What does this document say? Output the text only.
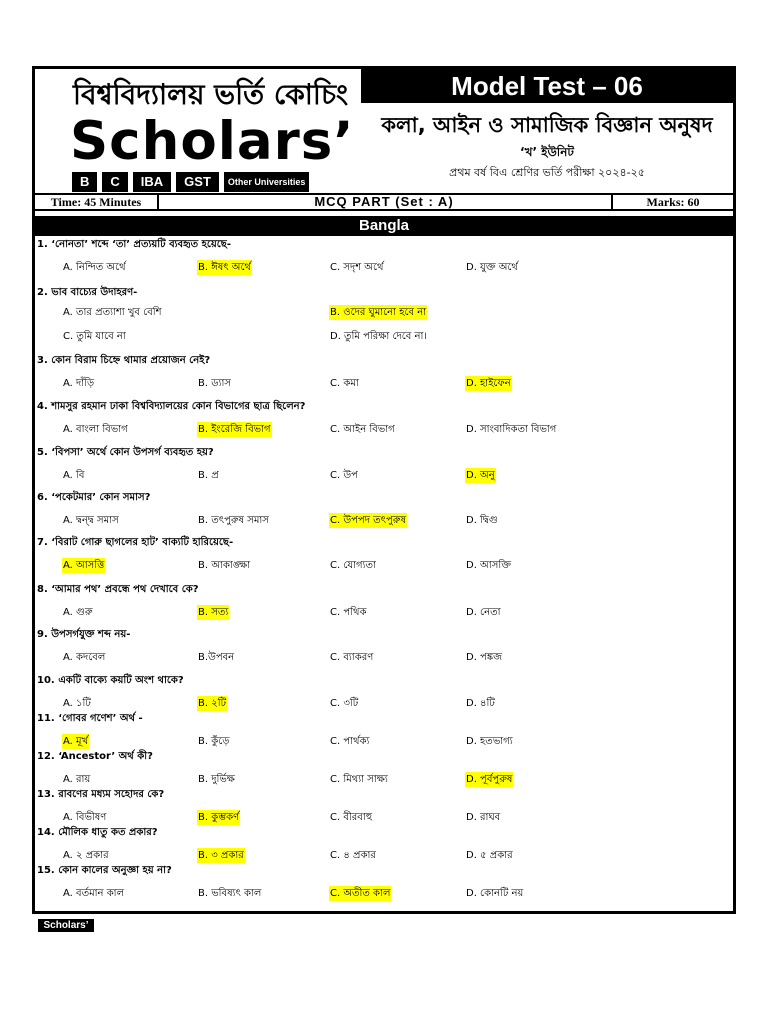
বিশ্ববিদ্যালয় ভর্তি কোচিং
Scholars’
B	C	IBA	GST	Other Universities
Model Test – 06
কলা, আইন ও সামাজিক বিজ্ঞান অনুষদ
‘খ’ ইউনিট
প্রথম বর্ষ বিএ শ্রেণির ভর্তি পরীক্ষা ২০২৪-২৫
Time: 45 Minutes	MCQ PART (Set : A)	Marks: 60
Bangla
1. ‘নোনতা’ শব্দে ‘তা’ প্রত্যয়টি ব্যবহৃত হয়েছে-
A. নিন্দিত অর্থে	B. ঈষৎ অর্থে	C. সদৃশ অর্থে	D. যুক্ত অর্থে
2. ভাব বাচ্যের উদাহরণ-
A. তার প্রত্যাশা খুব বেশি	B. ওদের ঘুমানো হবে না
C. তুমি যাবে না	D. তুমি পরিক্ষা দেবে না।
3. কোন বিরাম চিহ্নে থামার প্রয়োজন নেই?
A. দাঁড়ি	B. ড্যাস	C. কমা	D. হাইফেন
4. শামসুর রহমান ঢাকা বিশ্ববিদ্যালয়ের কোন বিভাগের ছাত্র ছিলেন?
A. বাংলা বিভাগ	B. ইংরেজি বিভাগ	C. আইন বিভাগ	D. সাংবাদিকতা বিভাগ
5. ‘বিপসা’ অর্থে কোন উপসর্গ ব্যবহৃত হয়?
A. বি	B. প্র	C. উপ	D. অনু
6. ‘পকেটমার’ কোন সমাস?
A. দ্বন্দ্ব সমাস	B. তৎপুরুষ সমাস	C. উপপদ তৎপুরুষ	D. দ্বিগু
7. ‘বিরাট গোরু ছাগলের হাট’ বাক্যটি হারিয়েছে-
A. আসত্তি	B. আকাঙ্ক্ষা	C. যোগ্যতা	D. আসক্তি
8. ‘আমার পথ’ প্রবন্ধে পথ দেখাবে কে?
A. গুরু	B. সত্য	C. পথিক	D. নেতা
9. উপসর্গযুক্ত শব্দ নয়-
A. কদবেল	B.উপবন	C. ব্যাকরণ	D. পঙ্কজ
10. একটি বাক্যে কয়টি অংশ থাকে?
A. ১টি	B. ২টি	C. ৩টি	D. ৪টি
11. ‘গোবর গণেশ’ অর্থ -
A. মূর্খ	B. কুঁড়ে	C. পার্থক্য	D. হতভাগ্য
12. ‘Ancestor’ অর্থ কী?
A. রায়	B. দুর্ভিক্ষ	C. মিথ্যা সাক্ষ্য	D. পূর্বপুরুষ
13. রাবণের মধ্যম সহোদর কে?
A. বিভীষণ	B. কুম্ভকর্ণ	C. বীরবাহু	D. রাঘব
14. মৌলিক ধাতু কত প্রকার?
A. ২ প্রকার	B. ৩ প্রকার	C. ৪ প্রকার	D. ৫ প্রকার
15. কোন কালের অনুজ্ঞা হয় না?
A. বর্তমান কাল	B. ভবিষ্যৎ কাল	C. অতীত কাল	D. কোনটি নয়
Scholars’
